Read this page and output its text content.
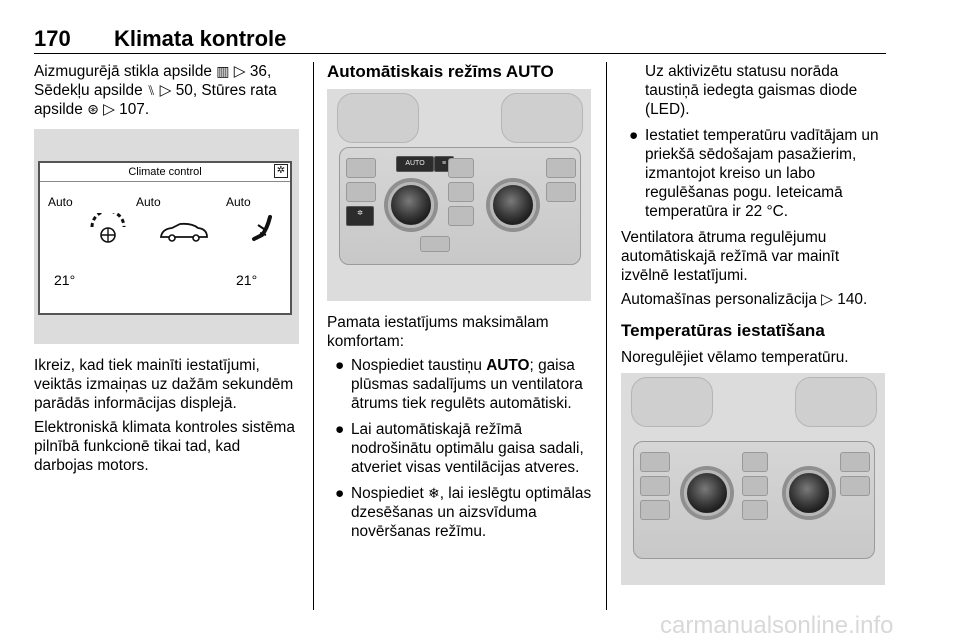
170 Klimata kontrole

Aizmugurējā stikla apsilde ▥ ▷ 36,
Sēdekļu apsilde ⑊ ▷ 50, Stūres rata
apsilde ⊛ ▷ 107.

Climate control	✲
Auto	Auto	Auto
21°	21°

Ikreiz, kad tiek mainīti iestatījumi, veiktās izmaiņas uz dažām sekundēm parādās informācijas displejā.

Elektroniskā klimata kontroles sistēma pilnībā funkcionē tikai tad, kad darbojas motors.

Automātiskais režīms AUTO
AUTO	≡
✲

Pamata iestatījums maksimālam komfortam:

● Nospiediet taustiņu AUTO; gaisa plūsmas sadalījums un ventilatora ātrums tiek regulēts automātiski.
● Lai automātiskajā režīmā nodrošinātu optimālu gaisa sadali, atveriet visas ventilācijas atveres.
● Nospiediet ❄, lai ieslēgtu optimālas dzesēšanas un aizsvīduma novēršanas režīmu.

Uz aktivizētu statusu norāda taustiņā iedegta gaismas diode (LED).

● Iestatiet temperatūru vadītājam un priekšā sēdošajam pasažierim, izmantojot kreiso un labo regulēšanas pogu. Ieteicamā temperatūra ir 22 °C.

Ventilatora ātruma regulējumu automātiskajā režīmā var mainīt izvēlnē Iestatījumi.

Automašīnas personalizācija ▷ 140.

Temperatūras iestatīšana

Noregulējiet vēlamo temperatūru.

carmanualsonline.info
